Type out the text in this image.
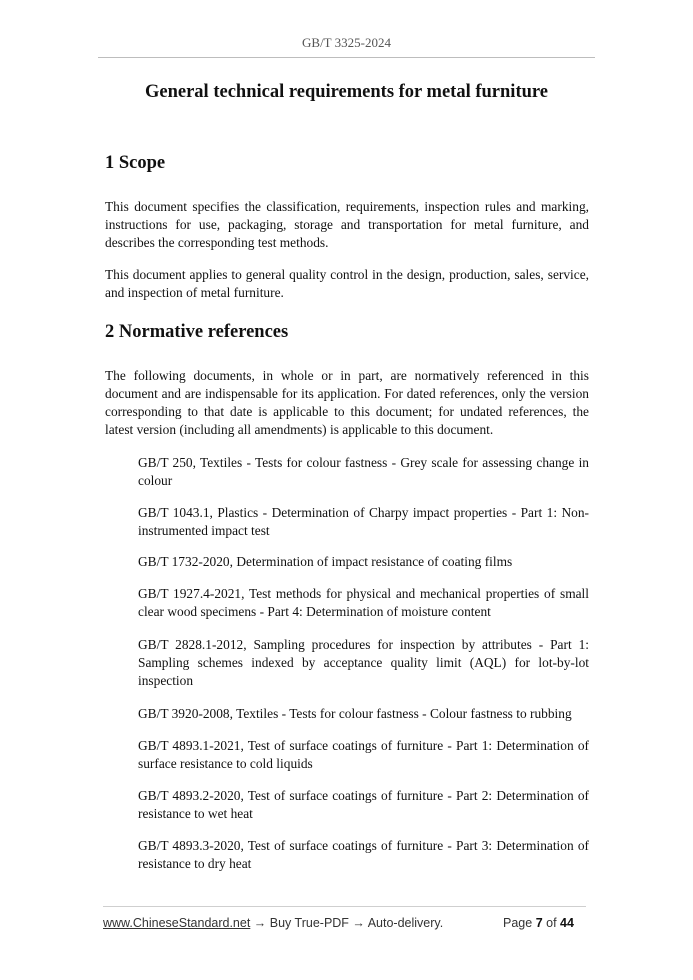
GB/T 3325-2024
General technical requirements for metal furniture
1 Scope
This document specifies the classification, requirements, inspection rules and marking, instructions for use, packaging, storage and transportation for metal furniture, and describes the corresponding test methods.
This document applies to general quality control in the design, production, sales, service, and inspection of metal furniture.
2 Normative references
The following documents, in whole or in part, are normatively referenced in this document and are indispensable for its application. For dated references, only the version corresponding to that date is applicable to this document; for undated references, the latest version (including all amendments) is applicable to this document.
GB/T 250, Textiles - Tests for colour fastness - Grey scale for assessing change in colour
GB/T 1043.1, Plastics - Determination of Charpy impact properties - Part 1: Non-instrumented impact test
GB/T 1732-2020, Determination of impact resistance of coating films
GB/T 1927.4-2021, Test methods for physical and mechanical properties of small clear wood specimens - Part 4: Determination of moisture content
GB/T 2828.1-2012, Sampling procedures for inspection by attributes - Part 1: Sampling schemes indexed by acceptance quality limit (AQL) for lot-by-lot inspection
GB/T 3920-2008, Textiles - Tests for colour fastness - Colour fastness to rubbing
GB/T 4893.1-2021, Test of surface coatings of furniture - Part 1: Determination of surface resistance to cold liquids
GB/T 4893.2-2020, Test of surface coatings of furniture - Part 2: Determination of resistance to wet heat
GB/T 4893.3-2020, Test of surface coatings of furniture - Part 3: Determination of resistance to dry heat
www.ChineseStandard.net → Buy True-PDF → Auto-delivery.	Page 7 of 44
